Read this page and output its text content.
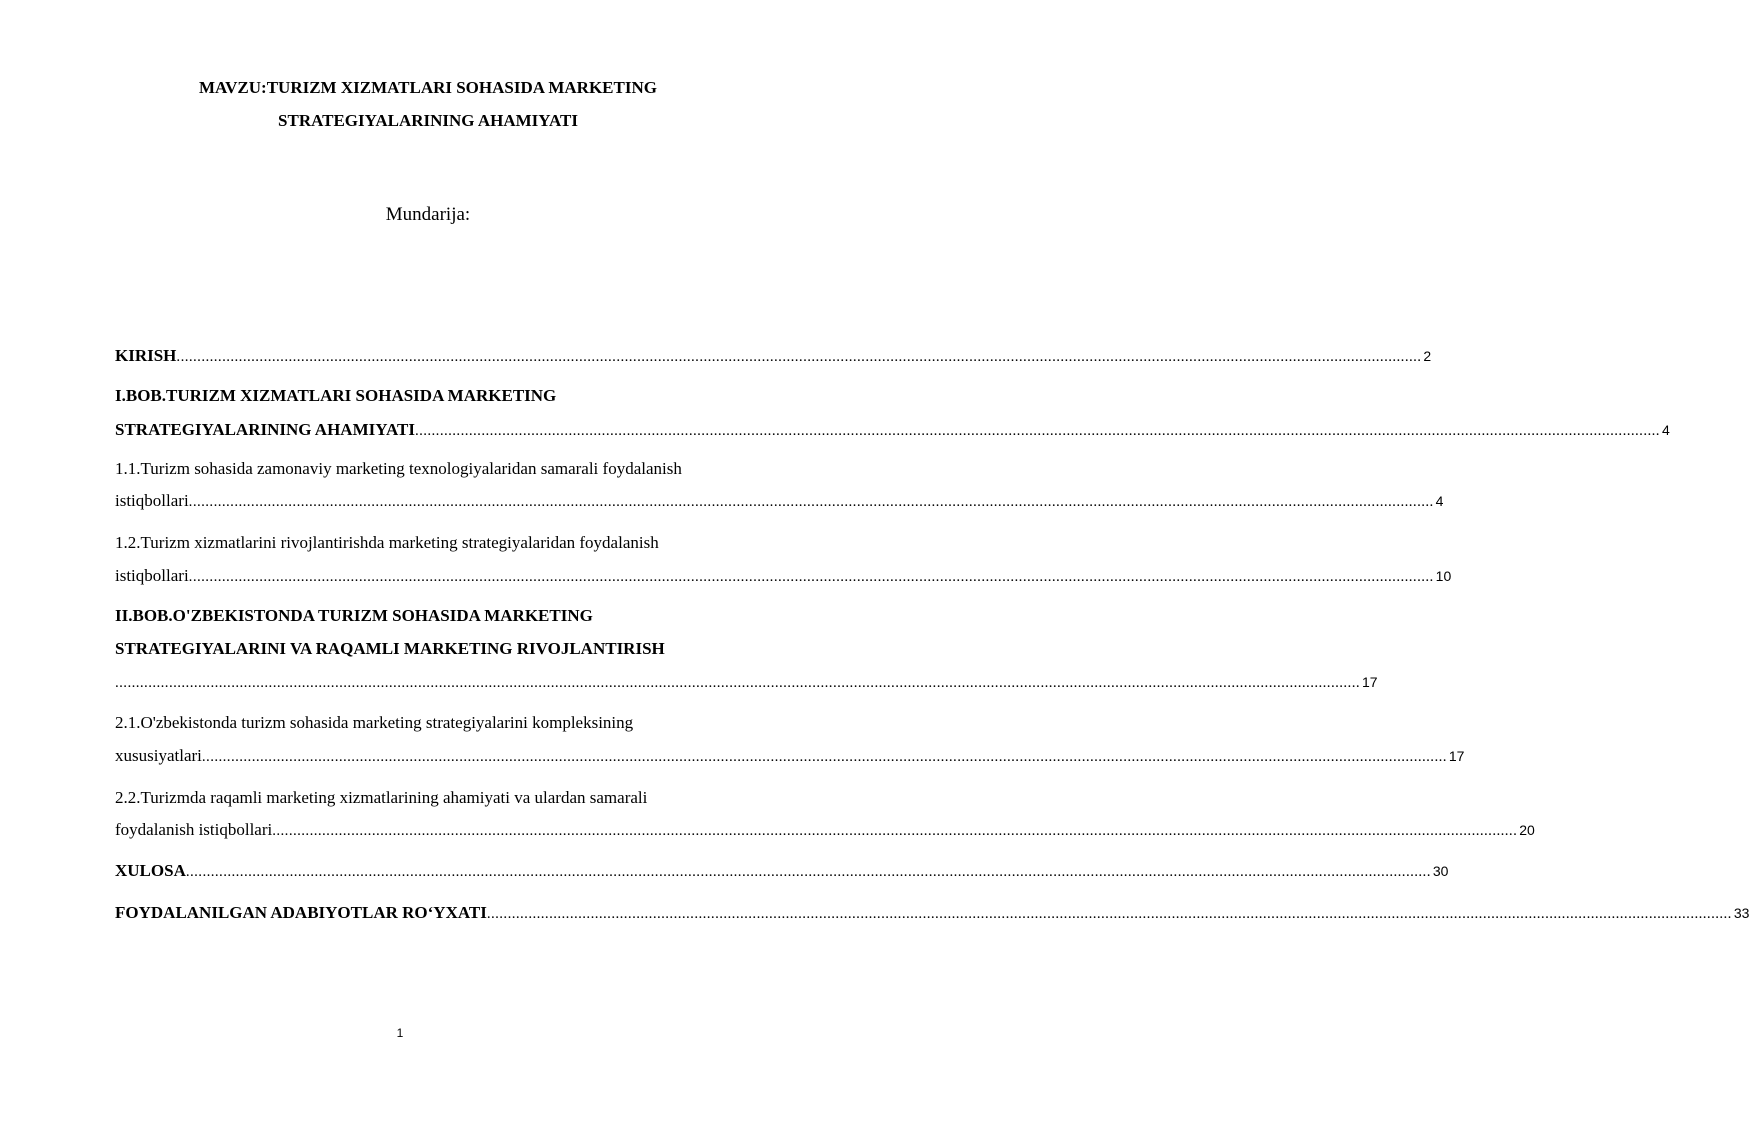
MAVZU:TURIZM XIZMATLARI SOHASIDA MARKETING
STRATEGIYALARINING AHAMIYATI
Mundarija:
KIRISH ............................................................................................................................................................................................................................................................................................................ 2
I.BOB.TURIZM XIZMATLARI SOHASIDA MARKETING
STRATEGIYALARINING AHAMIYATI ............................................................................................................................................................................................................................................................................................................ 4
1.1.Turizm sohasida zamonaviy marketing texnologiyalaridan samarali foydalanish
istiqbollari ............................................................................................................................................................................................................................................................................................................ 4
1.2.Turizm xizmatlarini rivojlantirishda marketing strategiyalaridan foydalanish
istiqbollari ............................................................................................................................................................................................................................................................................................................ 10
II.BOB.O'ZBEKISTONDA TURIZM SOHASIDA MARKETING
STRATEGIYALARINI VA RAQAMLI MARKETING RIVOJLANTIRISH
............................................................................................................................................................................................................................................................................................................ 17
2.1.O'zbekistonda turizm sohasida marketing strategiyalarini kompleksining
xususiyatlari ............................................................................................................................................................................................................................................................................................................ 17
2.2.Turizmda raqamli marketing xizmatlarining ahamiyati va ulardan samarali
foydalanish istiqbollari ............................................................................................................................................................................................................................................................................................................ 20
XULOSA ............................................................................................................................................................................................................................................................................................................ 30
FOYDALANILGAN ADABIYOTLAR RO‘YXATI ............................................................................................................................................................................................................................................................................................................ 33
1
